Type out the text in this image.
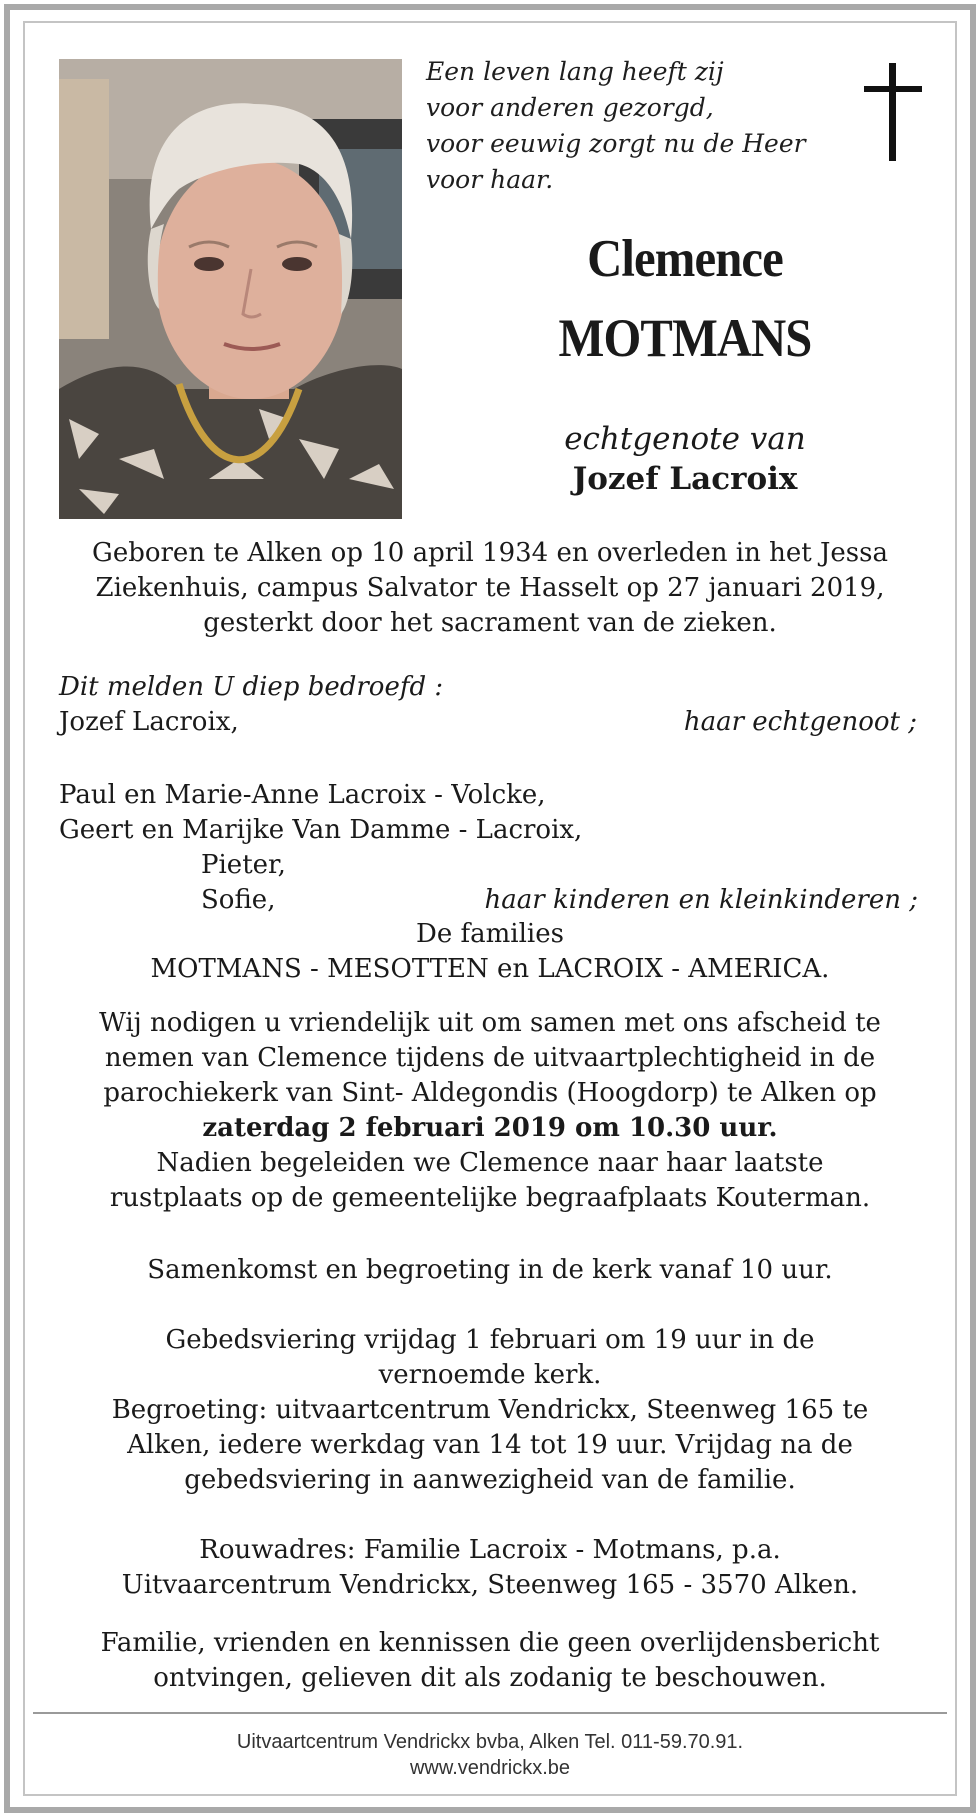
Een leven lang heeft zij
voor anderen gezorgd,
voor eeuwig zorgt nu de Heer
voor haar.
Clemence
MOTMANS
echtgenote van
Jozef Lacroix
Geboren te Alken op 10 april 1934 en overleden in het Jessa
Ziekenhuis, campus Salvator te Hasselt op 27 januari 2019,
gesterkt door het sacrament van de zieken.
Dit melden U diep bedroefd :
Jozef Lacroix,	haar echtgenoot ;
Paul en Marie-Anne Lacroix - Volcke,
Geert en Marijke Van Damme - Lacroix,
Pieter,
Sofie,	haar kinderen en kleinkinderen ;
De families
MOTMANS - MESOTTEN en LACROIX - AMERICA.
Wij nodigen u vriendelijk uit om samen met ons afscheid te
nemen van Clemence tijdens de uitvaartplechtigheid in de
parochiekerk van Sint- Aldegondis (Hoogdorp) te Alken op
zaterdag 2 februari 2019 om 10.30 uur.
Nadien begeleiden we Clemence naar haar laatste
rustplaats op de gemeentelijke begraafplaats Kouterman.
Samenkomst en begroeting in de kerk vanaf 10 uur.
Gebedsviering vrijdag 1 februari om 19 uur in de
vernoemde kerk.
Begroeting: uitvaartcentrum Vendrickx, Steenweg 165 te
Alken, iedere werkdag van 14 tot 19 uur. Vrijdag na de
gebedsviering in aanwezigheid van de familie.
Rouwadres: Familie Lacroix - Motmans, p.a.
Uitvaarcentrum Vendrickx, Steenweg 165 - 3570 Alken.
Familie, vrienden en kennissen die geen overlijdensbericht
ontvingen, gelieven dit als zodanig te beschouwen.
Uitvaartcentrum Vendrickx bvba, Alken Tel. 011-59.70.91.
www.vendrickx.be
